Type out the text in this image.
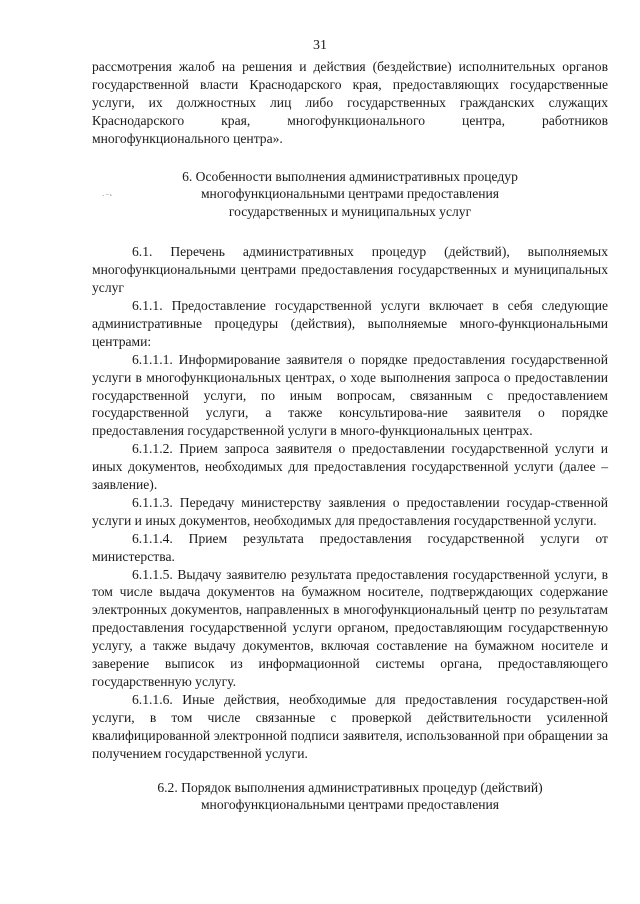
31
·⁻ˢ

рассмотрения жалоб на решения и действия (бездействие) исполнительных органов государственной власти Краснодарского края, предоставляющих государственные услуги, их должностных лиц либо государственных гражданских служащих Краснодарского края, многофункционального центра, работников многофункционального центра».

6. Особенности выполнения административных процедур многофункциональными центрами предоставления государственных и муниципальных услуг

6.1. Перечень административных процедур (действий), выполняемых многофункциональными центрами предоставления государственных и муниципальных услуг

6.1.1. Предоставление государственной услуги включает в себя следующие административные процедуры (действия), выполняемые много-функциональными центрами:

6.1.1.1. Информирование заявителя о порядке предоставления государственной услуги в многофункциональных центрах, о ходе выполнения запроса о предоставлении государственной услуги, по иным вопросам, связанным с предоставлением государственной услуги, а также консультирова-ние заявителя о порядке предоставления государственной услуги в много-функциональных центрах.

6.1.1.2. Прием запроса заявителя о предоставлении государственной услуги и иных документов, необходимых для предоставления государственной услуги (далее – заявление).

6.1.1.3. Передачу министерству заявления о предоставлении государ-ственной услуги и иных документов, необходимых для предоставления государственной услуги.

6.1.1.4. Прием результата предоставления государственной услуги от министерства.

6.1.1.5. Выдачу заявителю результата предоставления государственной услуги, в том числе выдача документов на бумажном носителе, подтверждающих содержание электронных документов, направленных в многофункциональный центр по результатам предоставления государственной услуги органом, предоставляющим государственную услугу, а также выдачу документов, включая составление на бумажном носителе и заверение выписок из информационной системы органа, предоставляющего государственную услугу.

6.1.1.6. Иные действия, необходимые для предоставления государствен-ной услуги, в том числе связанные с проверкой действительности усиленной квалифицированной электронной подписи заявителя, использованной при обращении за получением государственной услуги.

6.2. Порядок выполнения административных процедур (действий) многофункциональными центрами предоставления
